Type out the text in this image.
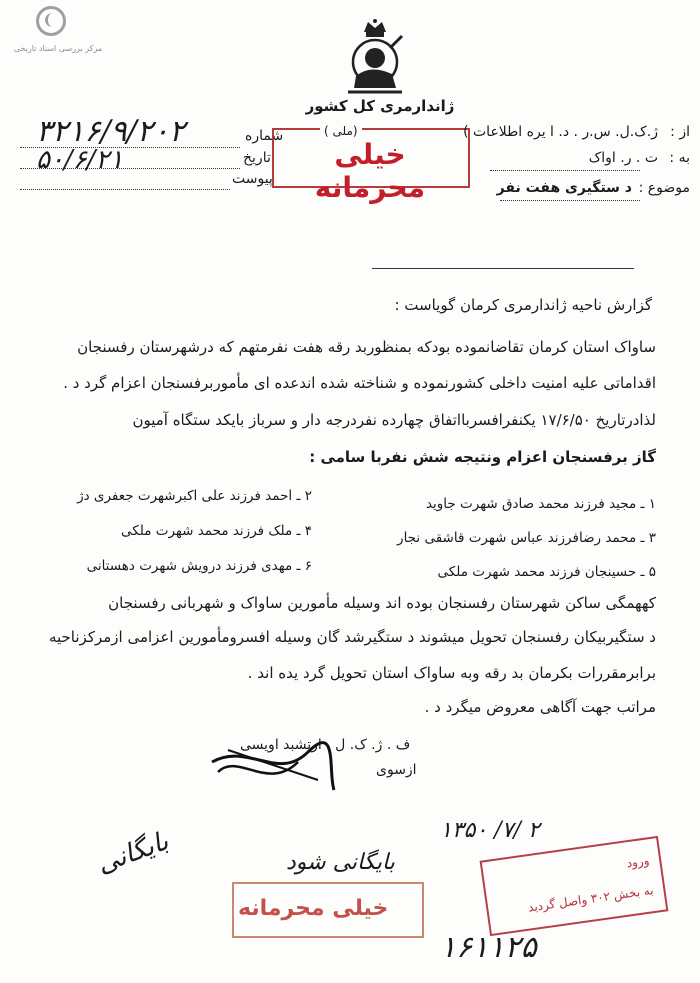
مرکز بررسی اسناد تاریخی
ژاندارمری کل کشور
شماره
تاریخ
پیوست
۳۲۱۶/۹/۲۰۲
۵۰/۶/۲۱
(ملی )
خیلی محرمانه
از :
ژ.ک.ل. س.ر . د. ا یره اطلاعات )
به :
ت . ر. اواک
موضوع :
د ستگیری هفت نفر
گزارش ناحیه ژاندارمری کرمان گویاست :
ساواک استان کرمان تقاضانموده بودکه بمنظوربد رقه هفت نفرمتهم که درشهرستان رفسنجان
اقداماتی علیه امنیت داخلی کشورنموده و شناخته شده اندعده ای مأموربرفسنجان اعزام گرد د .
لذادرتاریخ ۱۷/۶/۵۰ یکنفرافسربااتفاق چهارده نفردرجه دار و سرباز بایکد ستگاه آمیون
گاز برفسنجان اعزام ونتیجه شش نفربا سامی :
۱ ـ مجید فرزند محمد صادق شهرت جاوید
۲ ـ احمد فرزند علی اکبرشهرت جعفری دژ
۳ ـ محمد رضافرزند عباس شهرت قاشقی نجار
۴ ـ ملک فرزند محمد شهرت ملکی
۵ ـ حسینجان فرزند محمد شهرت ملکی
۶ ـ مهدی فرزند درویش شهرت دهستانی
کههمگی ساکن شهرستان رفسنجان بوده اند وسیله مأمورین ساواک و شهربانی رفسنجان
د ستگیربیکان رفسنجان تحویل میشوند د ستگیرشد گان وسیله افسرومأمورین اعزامی ازمرکزناحیه
برابرمقررات بکرمان بد رقه وبه ساواک استان تحویل گرد یده اند .
مراتب جهت آگاهی معروض میگرد د .
ف . ژ. ک. ل . ارتشبد اویسی
ازسوی
بایگانی	۱۳۵۰ /۷/ ۲
بایگانی شود
۱۶۱۱۲۵
خیلی محرمانه
ورود
به بخش ۳۰۲ واصل گردید
